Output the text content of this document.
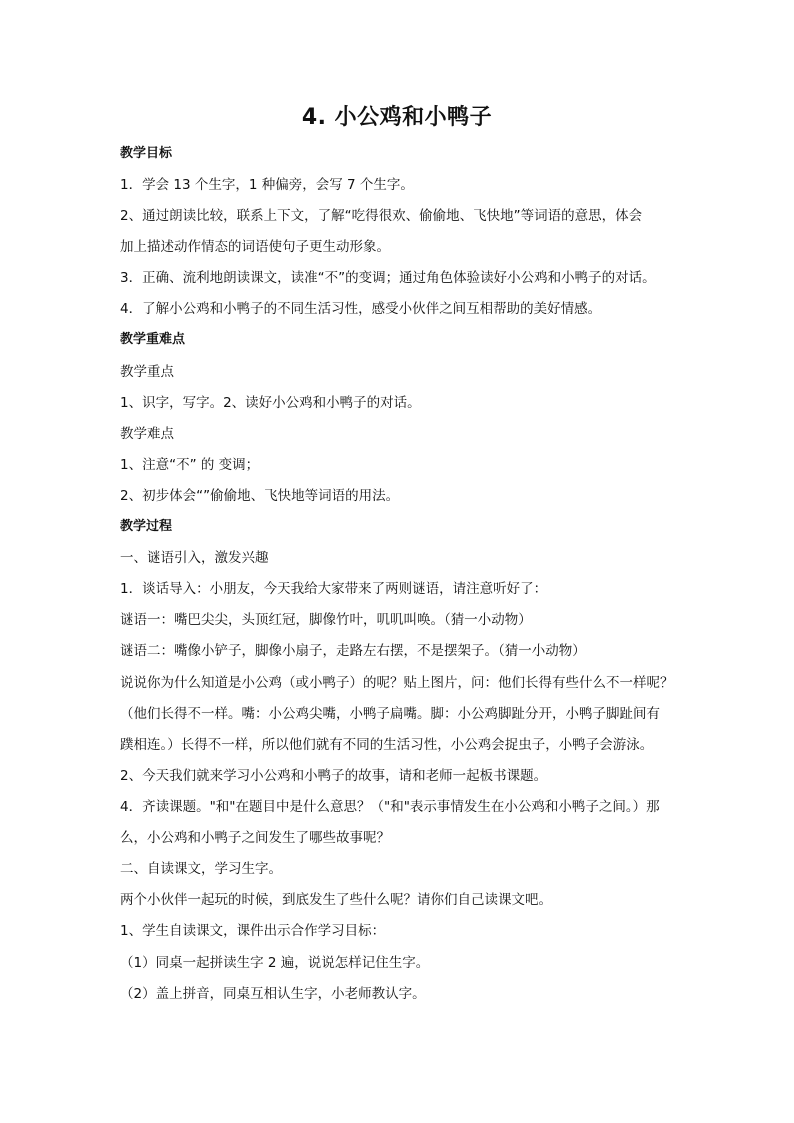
4. 小公鸡和小鸭子
教学目标
1．学会 13 个生字，1 种偏旁，会写 7 个生字。
2、通过朗读比较，联系上下文，了解“吃得很欢、偷偷地、飞快地”等词语的意思，体会
加上描述动作情态的词语使句子更生动形象。
3．正确、流利地朗读课文，读准“不”的变调；通过角色体验读好小公鸡和小鸭子的对话。
4．了解小公鸡和小鸭子的不同生活习性，感受小伙伴之间互相帮助的美好情感。
教学重难点
教学重点
1、识字，写字。2、读好小公鸡和小鸭子的对话。
教学难点
1、注意“不” 的 变调；
2、初步体会“”偷偷地、飞快地等词语的用法。
教学过程
一、谜语引入，激发兴趣
1．谈话导入：小朋友，今天我给大家带来了两则谜语，请注意听好了：
谜语一：嘴巴尖尖，头顶红冠，脚像竹叶，叽叽叫唤。（猜一小动物）
谜语二：嘴像小铲子，脚像小扇子，走路左右摆，不是摆架子。（猜一小动物）
说说你为什么知道是小公鸡（或小鸭子）的呢？贴上图片，问：他们长得有些什么不一样呢？
（他们长得不一样。嘴：小公鸡尖嘴，小鸭子扁嘴。脚：小公鸡脚趾分开，小鸭子脚趾间有
蹼相连。）长得不一样，所以他们就有不同的生活习性，小公鸡会捉虫子，小鸭子会游泳。
2、今天我们就来学习小公鸡和小鸭子的故事，请和老师一起板书课题。
4．齐读课题。"和"在题目中是什么意思？（"和"表示事情发生在小公鸡和小鸭子之间。）那
么，小公鸡和小鸭子之间发生了哪些故事呢？
二、自读课文，学习生字。
两个小伙伴一起玩的时候，到底发生了些什么呢？请你们自己读课文吧。
1、学生自读课文，课件出示合作学习目标：
（1）同桌一起拼读生字 2 遍，说说怎样记住生字。
（2）盖上拼音，同桌互相认生字，小老师教认字。
